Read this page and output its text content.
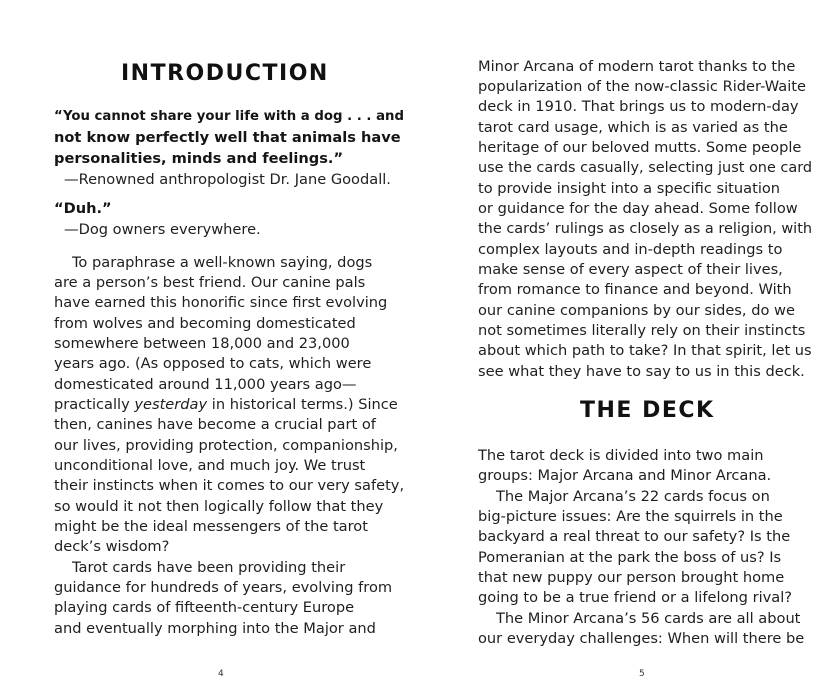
INTRODUCTION

“You cannot share your life with a dog . . . and

not know perfectly well that animals have

personalities, minds and feelings.”

—Renowned anthropologist Dr. Jane Goodall.

“Duh.”

—Dog owners everywhere.

To paraphrase a well-known saying, dogs

are a person’s best friend. Our canine pals

have earned this honorific since first evolving

from wolves and becoming domesticated

somewhere between 18,000 and 23,000

years ago. (As opposed to cats, which were

domesticated around 11,000 years ago—

practically yesterday in historical terms.) Since

then, canines have become a crucial part of

our lives, providing protection, companionship,

unconditional love, and much joy. We trust

their instincts when it comes to our very safety,

so would it not then logically follow that they

might be the ideal messengers of the tarot

deck’s wisdom?

Tarot cards have been providing their

guidance for hundreds of years, evolving from

playing cards of fifteenth-century Europe

and eventually morphing into the Major and

4

Minor Arcana of modern tarot thanks to the

popularization of the now-classic Rider-Waite

deck in 1910. That brings us to modern-day

tarot card usage, which is as varied as the

heritage of our beloved mutts. Some people

use the cards casually, selecting just one card

to provide insight into a specific situation

or guidance for the day ahead. Some follow

the cards’ rulings as closely as a religion, with

complex layouts and in-depth readings to

make sense of every aspect of their lives,

from romance to finance and beyond. With

our canine companions by our sides, do we

not sometimes literally rely on their instincts

about which path to take? In that spirit, let us

see what they have to say to us in this deck.

THE DECK

The tarot deck is divided into two main

groups: Major Arcana and Minor Arcana.

The Major Arcana’s 22 cards focus on

big-picture issues: Are the squirrels in the

backyard a real threat to our safety? Is the

Pomeranian at the park the boss of us? Is

that new puppy our person brought home

going to be a true friend or a lifelong rival?

The Minor Arcana’s 56 cards are all about

our everyday challenges: When will there be

5
